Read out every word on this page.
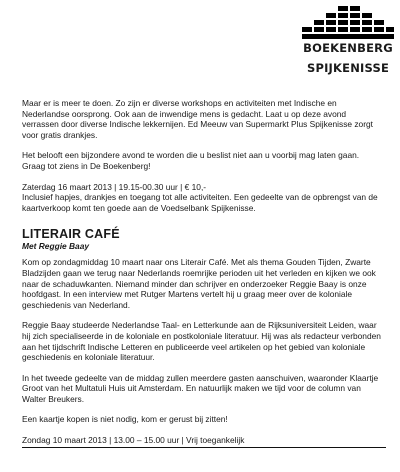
BOEKENBERG
SPIJKENISSE

Maar er is meer te doen. Zo zijn er diverse workshops en activiteiten met Indische en Nederlandse oorsprong. Ook aan de inwendige mens is gedacht. Laat u op deze avond verrassen door diverse Indische lekkernijen. Ed Meeuw van Supermarkt Plus Spijkenisse zorgt voor gratis drankjes.

Het belooft een bijzondere avond te worden die u beslist niet aan u voorbij mag laten gaan. Graag tot ziens in De Boekenberg!

Zaterdag 16 maart 2013 | 19.15-00.30 uur | € 10,-

Inclusief hapjes, drankjes en toegang tot alle activiteiten. Een gedeelte van de opbrengst van de kaartverkoop komt ten goede aan de Voedselbank Spijkenisse.

LITERAIR CAFÉ
Met Reggie Baay

Kom op zondagmiddag 10 maart naar ons Literair Café. Met als thema Gouden Tijden, Zwarte Bladzijden gaan we terug naar Nederlands roemrijke perioden uit het verleden en kijken we ook naar de schaduwkanten. Niemand minder dan schrijver en onderzoeker Reggie Baay is onze hoofdgast. In een interview met Rutger Martens vertelt hij u graag meer over de koloniale geschiedenis van Nederland.

Reggie Baay studeerde Nederlandse Taal- en Letterkunde aan de Rijksuniversiteit Leiden, waar hij zich specialiseerde in de koloniale en postkoloniale literatuur. Hij was als redacteur verbonden aan het tijdschrift Indische Letteren en publiceerde veel artikelen op het gebied van koloniale geschiedenis en koloniale literatuur.

In het tweede gedeelte van de middag zullen meerdere gasten aanschuiven, waaronder Klaartje Groot van het Multatuli Huis uit Amsterdam. En natuurlijk maken we tijd voor de column van Walter Breukers.

Een kaartje kopen is niet nodig, kom er gerust bij zitten!

Zondag 10 maart 2013 | 13.00 – 15.00 uur | Vrij toegankelijk
